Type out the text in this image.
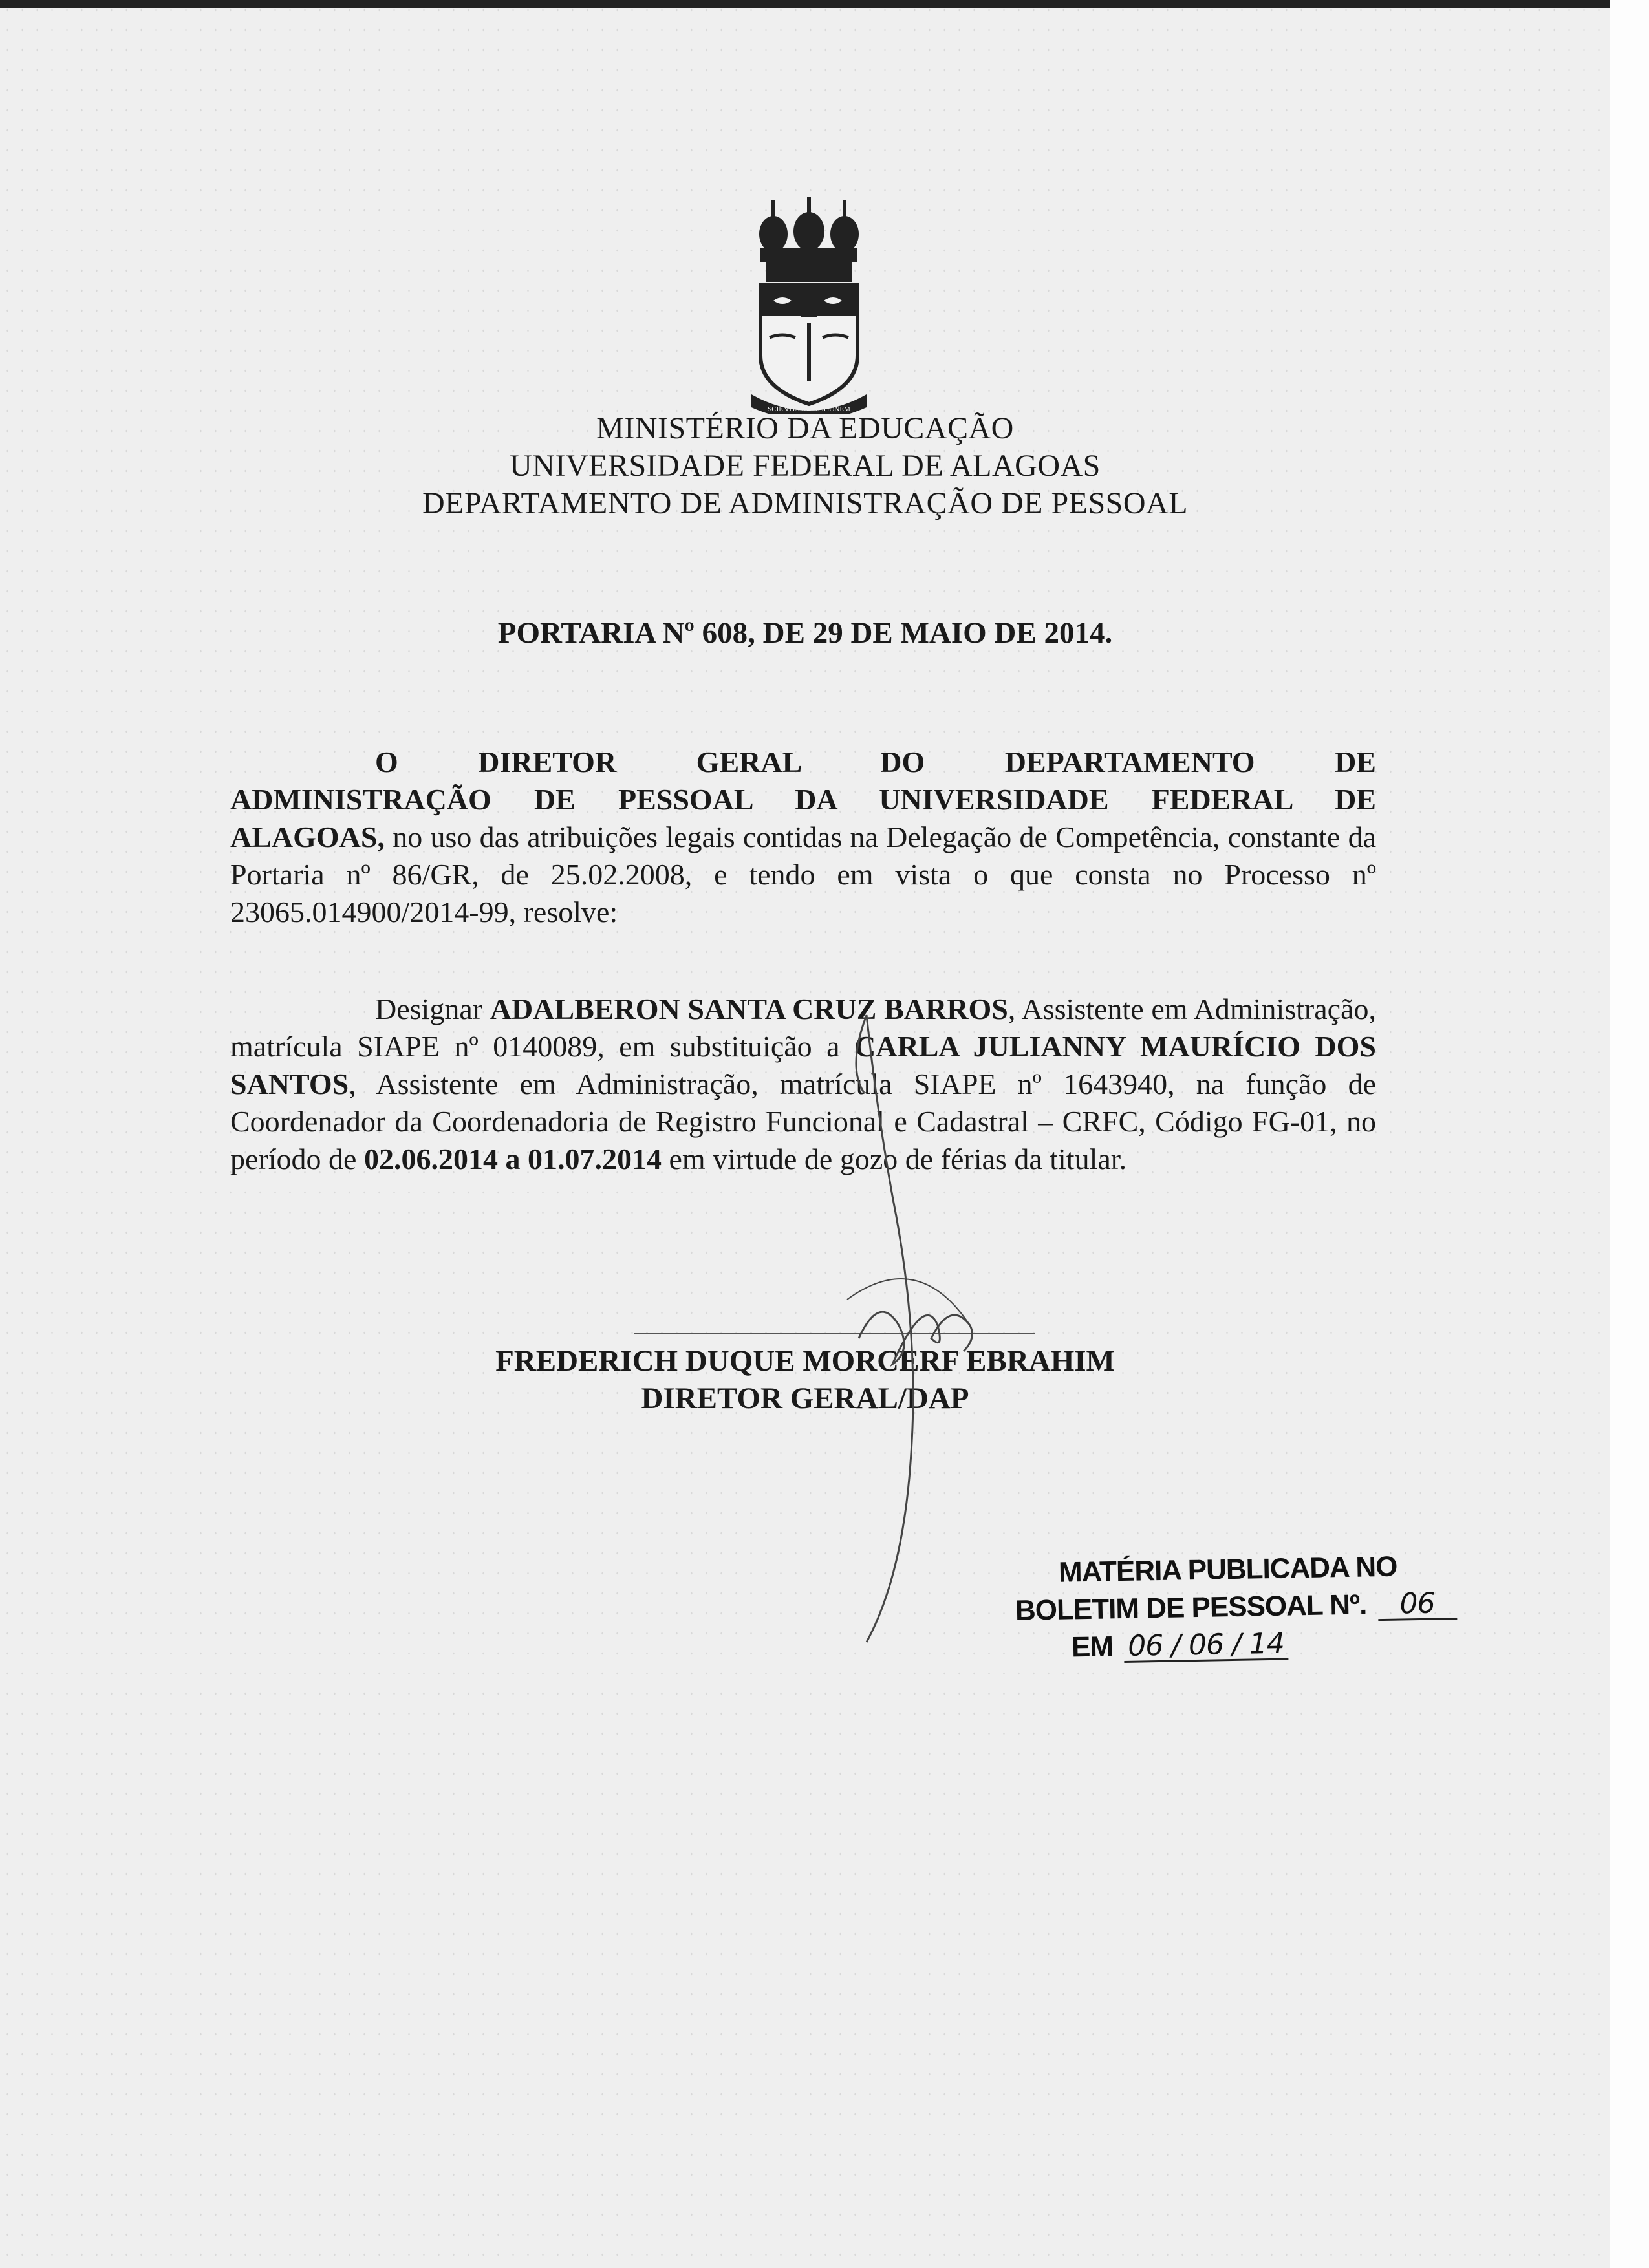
SCIENTIA AD ACTIONEM
MINISTÉRIO DA EDUCAÇÃO
UNIVERSIDADE FEDERAL DE ALAGOAS
DEPARTAMENTO DE ADMINISTRAÇÃO DE PESSOAL
PORTARIA Nº 608, DE 29 DE MAIO DE 2014.
O DIRETOR GERAL DO DEPARTAMENTO DE ADMINISTRAÇÃO DE PESSOAL DA UNIVERSIDADE FEDERAL DE ALAGOAS, no uso das atribuições legais contidas na Delegação de Competência, constante da Portaria nº 86/GR, de 25.02.2008, e tendo em vista o que consta no Processo nº 23065.014900/2014-99, resolve:
Designar ADALBERON SANTA CRUZ BARROS, Assistente em Administração, matrícula SIAPE nº 0140089, em substituição a CARLA JULIANNY MAURÍCIO DOS SANTOS, Assistente em Administração, matrícula SIAPE nº 1643940, na função de Coordenador da Coordenadoria de Registro Funcional e Cadastral – CRFC, Código FG-01, no período de 02.06.2014 a 01.07.2014 em virtude de gozo de férias da titular.
FREDERICH DUQUE MORCERF EBRAHIM
DIRETOR GERAL/DAP
MATÉRIA PUBLICADA NO
BOLETIM DE PESSOAL Nº. 06
EM 06 / 06 / 14
